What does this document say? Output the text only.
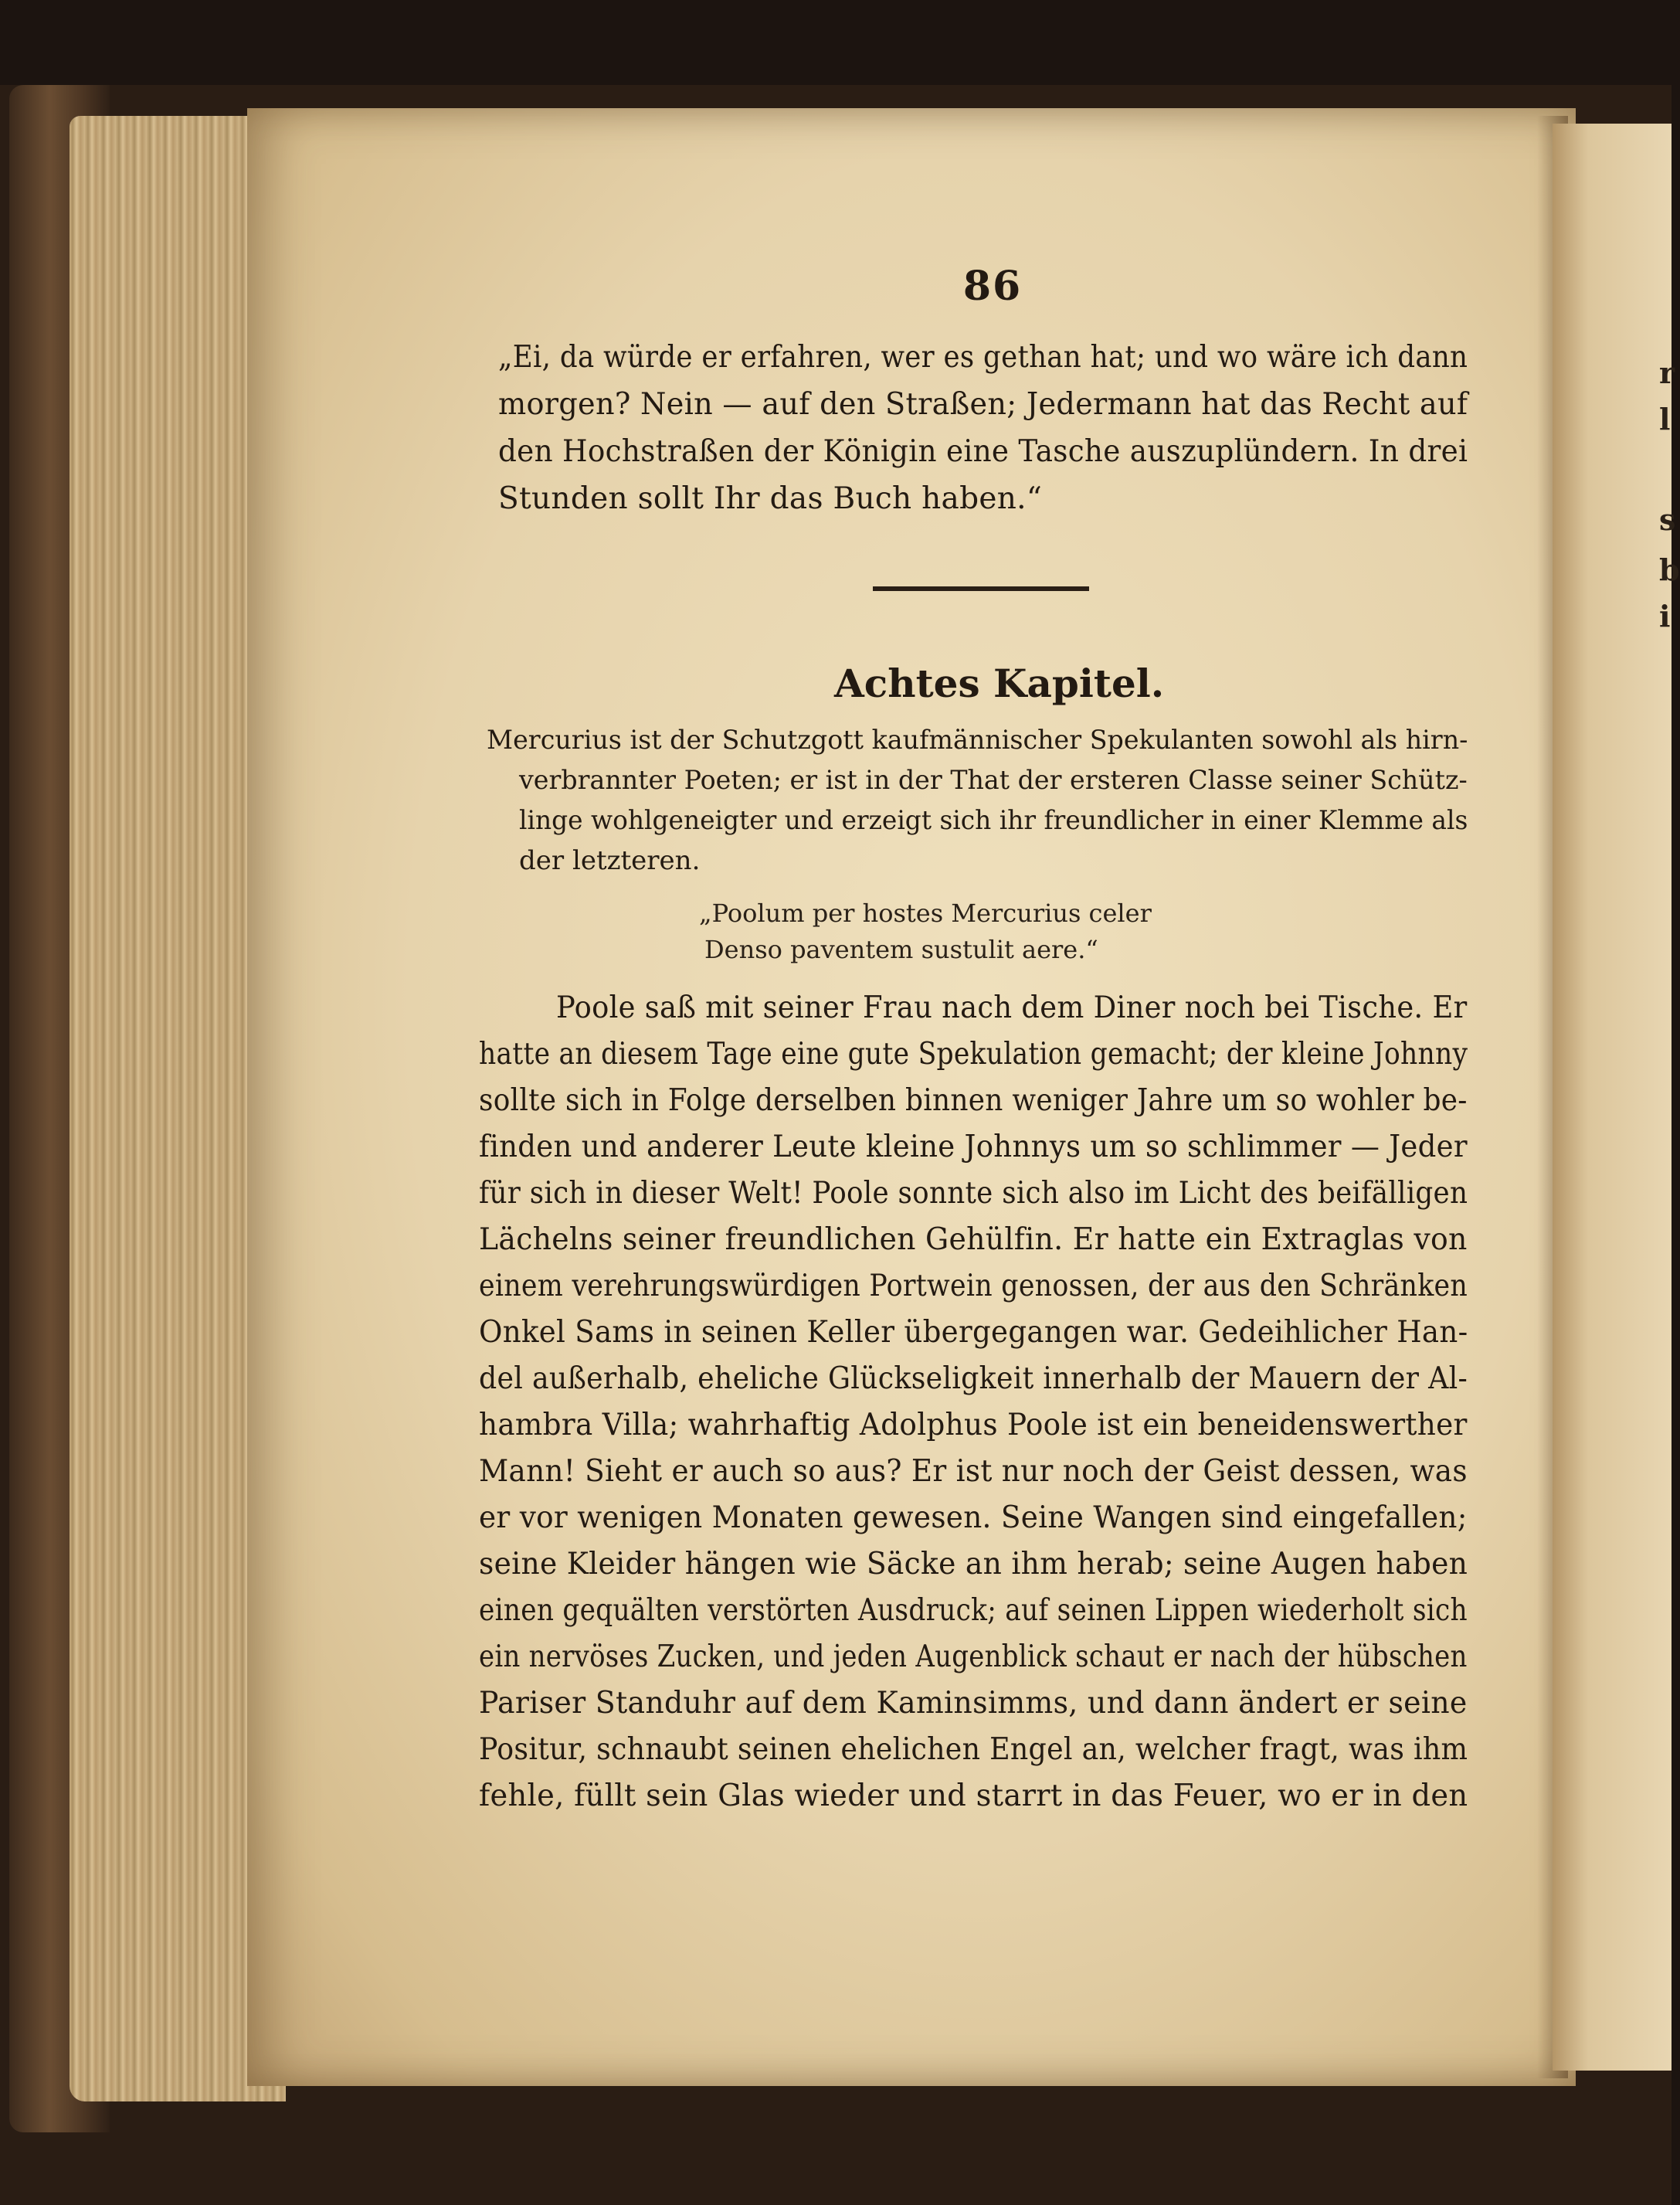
r
l
s
b
i
86
„Ei, da würde er erfahren, wer es gethan hat; und wo wäre ich dann
morgen? Nein — auf den Straßen; Jedermann hat das Recht auf
den Hochstraßen der Königin eine Tasche auszuplündern. In drei
Stunden sollt Ihr das Buch haben.“
Achtes Kapitel.
Mercurius ist der Schutzgott kaufmännischer Spekulanten sowohl als hirn-
verbrannter Poeten; er ist in der That der ersteren Classe seiner Schütz-
linge wohlgeneigter und erzeigt sich ihr freundlicher in einer Klemme als
der letzteren.
„Poolum per hostes Mercurius celer
Denso paventem sustulit aere.“
Poole saß mit seiner Frau nach dem Diner noch bei Tische. Er
hatte an diesem Tage eine gute Spekulation gemacht; der kleine Johnny
sollte sich in Folge derselben binnen weniger Jahre um so wohler be-
finden und anderer Leute kleine Johnnys um so schlimmer — Jeder
für sich in dieser Welt! Poole sonnte sich also im Licht des beifälligen
Lächelns seiner freundlichen Gehülfin. Er hatte ein Extraglas von
einem verehrungswürdigen Portwein genossen, der aus den Schränken
Onkel Sams in seinen Keller übergegangen war. Gedeihlicher Han-
del außerhalb, eheliche Glückseligkeit innerhalb der Mauern der Al-
hambra Villa; wahrhaftig Adolphus Poole ist ein beneidenswerther
Mann! Sieht er auch so aus? Er ist nur noch der Geist dessen, was
er vor wenigen Monaten gewesen. Seine Wangen sind eingefallen;
seine Kleider hängen wie Säcke an ihm herab; seine Augen haben
einen gequälten verstörten Ausdruck; auf seinen Lippen wiederholt sich
ein nervöses Zucken, und jeden Augenblick schaut er nach der hübschen
Pariser Standuhr auf dem Kaminsimms, und dann ändert er seine
Positur, schnaubt seinen ehelichen Engel an, welcher fragt, was ihm
fehle, füllt sein Glas wieder und starrt in das Feuer, wo er in den
